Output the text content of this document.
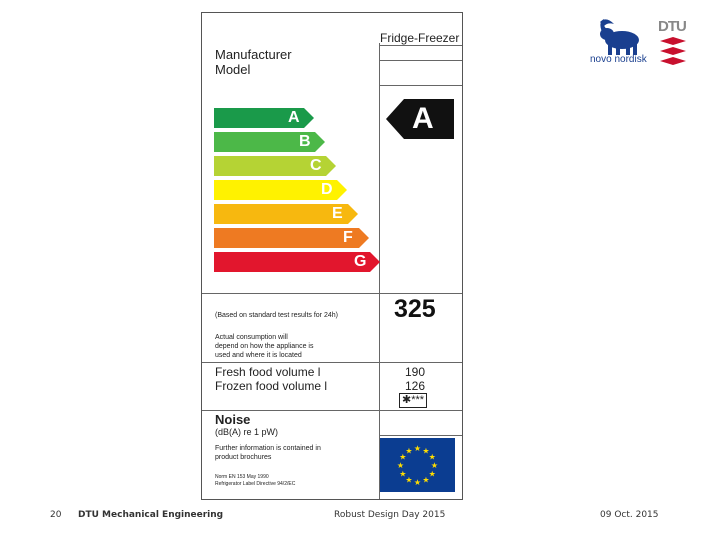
Fridge-Freezer
Manufacturer
Model
A
B
C
D
E
F
G
A
(Based on standard test results for 24h) 325
Actual consumption will
depend on how the appliance is
used and where it is located
Fresh food volume l	190
Frozen food volume l	126
✱***
Noise
(dB(A) re 1 pW)
Further information is contained in
product brochures
Norm EN 153 May 1990
Refrigerator Label Directive 94/2/EC
★
★
★
★
★
★
★
★
★ ★ ★
★
novo nordisk
DTU
20 DTU Mechanical Engineering	Robust Design Day 2015	09 Oct. 2015
